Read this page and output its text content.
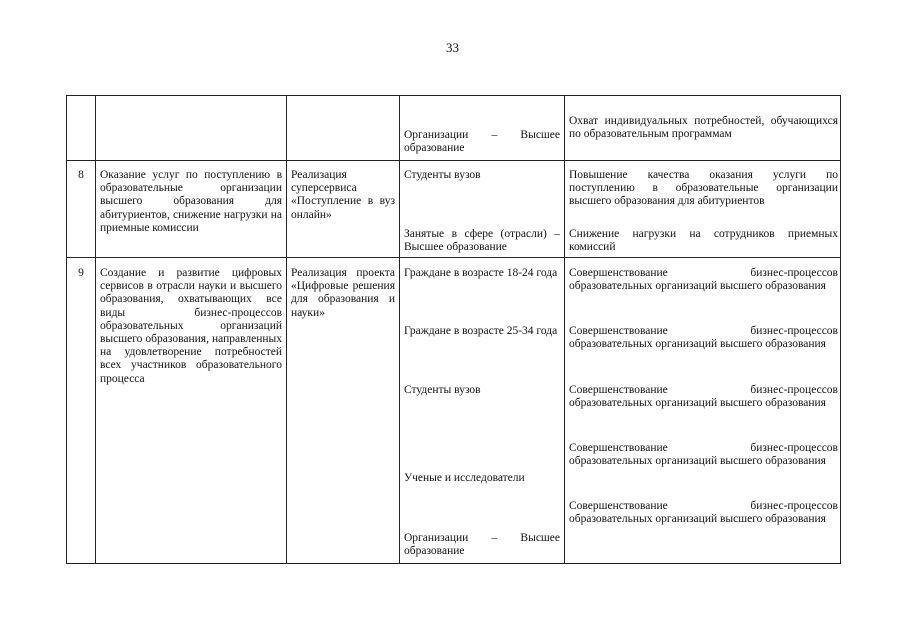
33
Организации – Высшее образование
Охват индивидуальных потребностей, обучающихся по образовательным программам
8	Оказание услуг по поступлению в образовательные организации высшего образования для абитуриентов, снижение нагрузки на приемные комиссии
Реализация суперсервиса «Поступление в вуз онлайн»
Студенты вузов
Занятые в сфере (отрасли) – Высшее образование
Повышение качества оказания услуги по поступлению в образовательные организации высшего образования для абитуриентов
Снижение нагрузки на сотрудников приемных комиссий
9	Создание и развитие цифровых сервисов в отрасли науки и высшего образования, охватывающих все виды бизнес-процессов образовательных организаций высшего образования, направленных на удовлетворение потребностей всех участников образовательного процесса
Реализация проекта «Цифровые решения для образования и науки»
Граждане в возрасте 18-24 года
Граждане в возрасте 25-34 года
Студенты вузов
Ученые и исследователи
Организации – Высшее образование
Совершенствование бизнес-процессов образовательных организаций высшего образования
Совершенствование бизнес-процессов образовательных организаций высшего образования
Совершенствование бизнес-процессов образовательных организаций высшего образования
Совершенствование бизнес-процессов образовательных организаций высшего образования
Совершенствование бизнес-процессов образовательных организаций высшего образования
